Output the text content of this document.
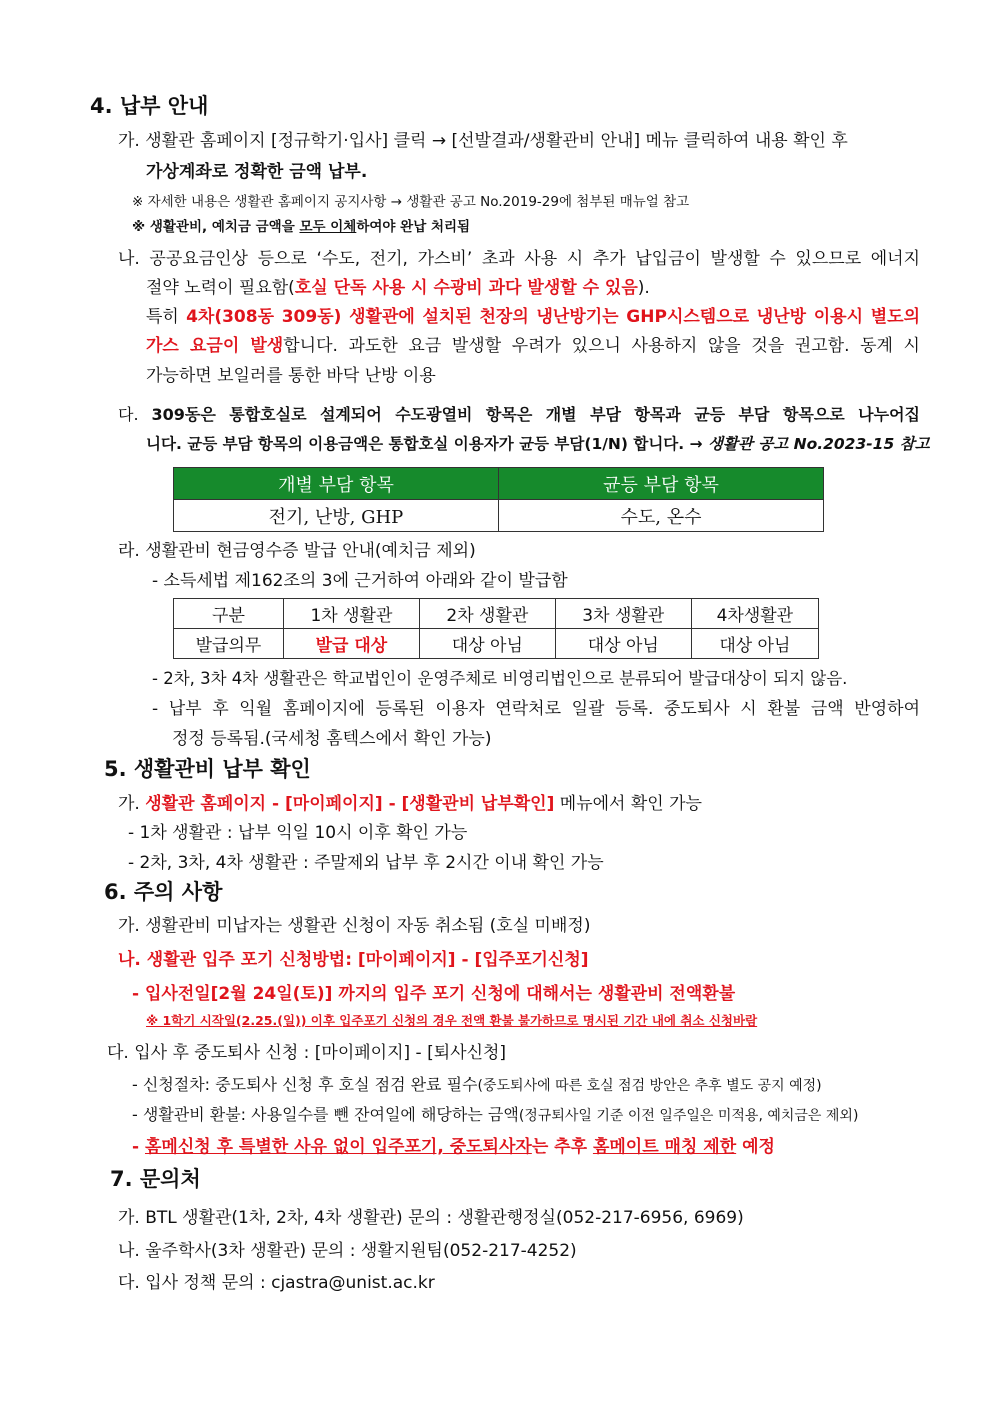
4. 납부 안내
가. 생활관 홈페이지 [정규학기·입사] 클릭 → [선발결과/생활관비 안내] 메뉴 클릭하여 내용 확인 후
가상계좌로 정확한 금액 납부.
※ 자세한 내용은 생활관 홈페이지 공지사항 → 생활관 공고 No.2019-29에 첨부된 매뉴얼 참고
※ 생활관비, 예치금 금액을 모두 이체하여야 완납 처리됨
나. 공공요금인상 등으로 ‘수도, 전기, 가스비’ 초과 사용 시 추가 납입금이 발생할 수 있으므로 에너지
절약 노력이 필요함(호실 단독 사용 시 수광비 과다 발생할 수 있음).
특히 4차(308동 309동) 생활관에 설치된 천장의 냉난방기는 GHP시스템으로 냉난방 이용시 별도의
가스 요금이 발생합니다. 과도한 요금 발생할 우려가 있으니 사용하지 않을 것을 권고함. 동계 시
가능하면 보일러를 통한 바닥 난방 이용
다. 309동은 통합호실로 설계되어 수도광열비 항목은 개별 부담 항목과 균등 부담 항목으로 나누어집
니다. 균등 부담 항목의 이용금액은 통합호실 이용자가 균등 부담(1/N) 합니다. → 생활관 공고 No.2023-15 참고
개별 부담 항목	균등 부담 항목
전기, 난방, GHP	수도, 온수
라. 생활관비 현금영수증 발급 안내(예치금 제외)
- 소득세법 제162조의 3에 근거하여 아래와 같이 발급함
구분	1차 생활관	2차 생활관	3차 생활관	4차생활관
발급의무	발급 대상	대상 아님	대상 아님	대상 아님
- 2차, 3차 4차 생활관은 학교법인이 운영주체로 비영리법인으로 분류되어 발급대상이 되지 않음.
- 납부 후 익월 홈페이지에 등록된 이용자 연락처로 일괄 등록. 중도퇴사 시 환불 금액 반영하여
정정 등록됨.(국세청 홈텍스에서 확인 가능)
5. 생활관비 납부 확인
가. 생활관 홈페이지 - [마이페이지] - [생활관비 납부확인] 메뉴에서 확인 가능
- 1차 생활관 : 납부 익일 10시 이후 확인 가능
- 2차, 3차, 4차 생활관 : 주말제외 납부 후 2시간 이내 확인 가능
6. 주의 사항
가. 생활관비 미납자는 생활관 신청이 자동 취소됨 (호실 미배정)
나. 생활관 입주 포기 신청방법: [마이페이지] - [입주포기신청]
- 입사전일[2월 24일(토)] 까지의 입주 포기 신청에 대해서는 생활관비 전액환불
※ 1학기 시작일(2.25.(일)) 이후 입주포기 신청의 경우 전액 환불 불가하므로 명시된 기간 내에 취소 신청바람
다. 입사 후 중도퇴사 신청 : [마이페이지] - [퇴사신청]
- 신청절차: 중도퇴사 신청 후 호실 점검 완료 필수(중도퇴사에 따른 호실 점검 방안은 추후 별도 공지 예정)
- 생활관비 환불: 사용일수를 뺀 잔여일에 해당하는 금액(정규퇴사일 기준 이전 일주일은 미적용, 예치금은 제외)
- 홈메신청 후 특별한 사유 없이 입주포기, 중도퇴사자는 추후 홈메이트 매칭 제한 예정
7. 문의처
가. BTL 생활관(1차, 2차, 4차 생활관) 문의 : 생활관행정실(052-217-6956, 6969)
나. 울주학사(3차 생활관) 문의 : 생활지원팀(052-217-4252)
다. 입사 정책 문의 : cjastra@unist.ac.kr
